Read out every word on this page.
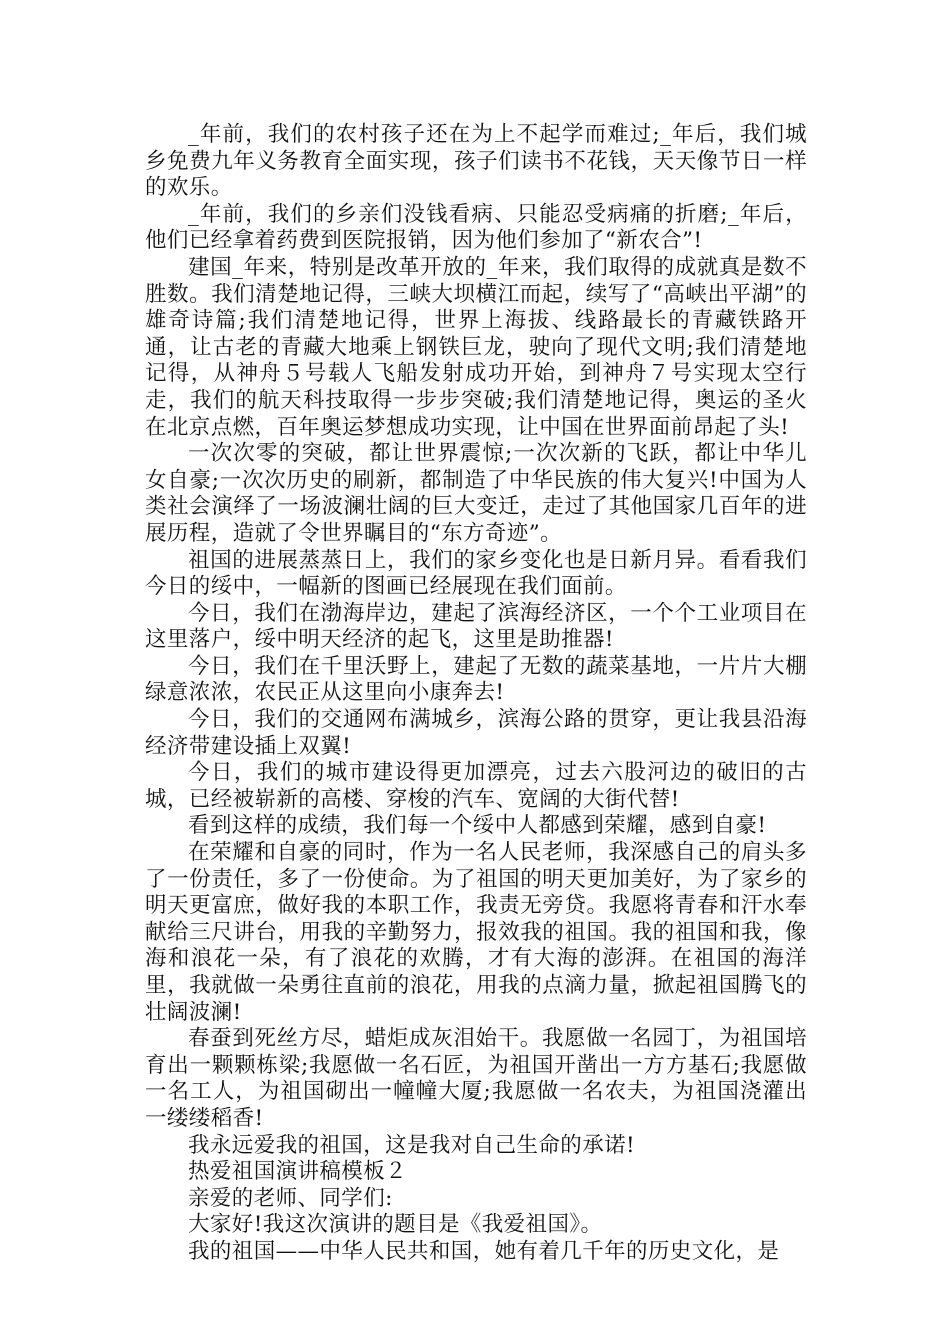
_年前，我们的农村孩子还在为上不起学而难过;_年后，我们城乡免费九年义务教育全面实现，孩子们读书不花钱，天天像节日一样的欢乐。

_年前，我们的乡亲们没钱看病、只能忍受病痛的折磨;_年后，他们已经拿着药费到医院报销，因为他们参加了“新农合”!

建国_年来，特别是改革开放的_年来，我们取得的成就真是数不胜数。我们清楚地记得，三峡大坝横江而起，续写了“高峡出平湖”的雄奇诗篇;我们清楚地记得，世界上海拔、线路最长的青藏铁路开通，让古老的青藏大地乘上钢铁巨龙，驶向了现代文明;我们清楚地记得，从神舟５号载人飞船发射成功开始，到神舟７号实现太空行走，我们的航天科技取得一步步突破;我们清楚地记得，奥运的圣火在北京点燃，百年奥运梦想成功实现，让中国在世界面前昂起了头!

一次次零的突破，都让世界震惊;一次次新的飞跃，都让中华儿女自豪;一次次历史的刷新，都制造了中华民族的伟大复兴!中国为人类社会演绎了一场波澜壮阔的巨大变迁，走过了其他国家几百年的进展历程，造就了令世界瞩目的“东方奇迹”。

祖国的进展蒸蒸日上，我们的家乡变化也是日新月异。看看我们今日的绥中，一幅新的图画已经展现在我们面前。

今日，我们在渤海岸边，建起了滨海经济区，一个个工业项目在这里落户，绥中明天经济的起飞，这里是助推器!

今日，我们在千里沃野上，建起了无数的蔬菜基地，一片片大棚绿意浓浓，农民正从这里向小康奔去!

今日，我们的交通网布满城乡，滨海公路的贯穿，更让我县沿海经济带建设插上双翼!

今日，我们的城市建设得更加漂亮，过去六股河边的破旧的古城，已经被崭新的高楼、穿梭的汽车、宽阔的大街代替!

看到这样的成绩，我们每一个绥中人都感到荣耀，感到自豪!

在荣耀和自豪的同时，作为一名人民老师，我深感自己的肩头多了一份责任，多了一份使命。为了祖国的明天更加美好，为了家乡的明天更富庶，做好我的本职工作，我责无旁贷。我愿将青春和汗水奉献给三尺讲台，用我的辛勤努力，报效我的祖国。我的祖国和我，像海和浪花一朵，有了浪花的欢腾，才有大海的澎湃。在祖国的海洋里，我就做一朵勇往直前的浪花，用我的点滴力量，掀起祖国腾飞的壮阔波澜!

春蚕到死丝方尽，蜡炬成灰泪始干。我愿做一名园丁，为祖国培育出一颗颗栋梁;我愿做一名石匠，为祖国开凿出一方方基石;我愿做一名工人，为祖国砌出一幢幢大厦;我愿做一名农夫，为祖国浇灌出一缕缕稻香!

我永远爱我的祖国，这是我对自己生命的承诺!

热爱祖国演讲稿模板２

亲爱的老师、同学们:

大家好!我这次演讲的题目是《我爱祖国》。

我的祖国——中华人民共和国，她有着几千年的历史文化，是
